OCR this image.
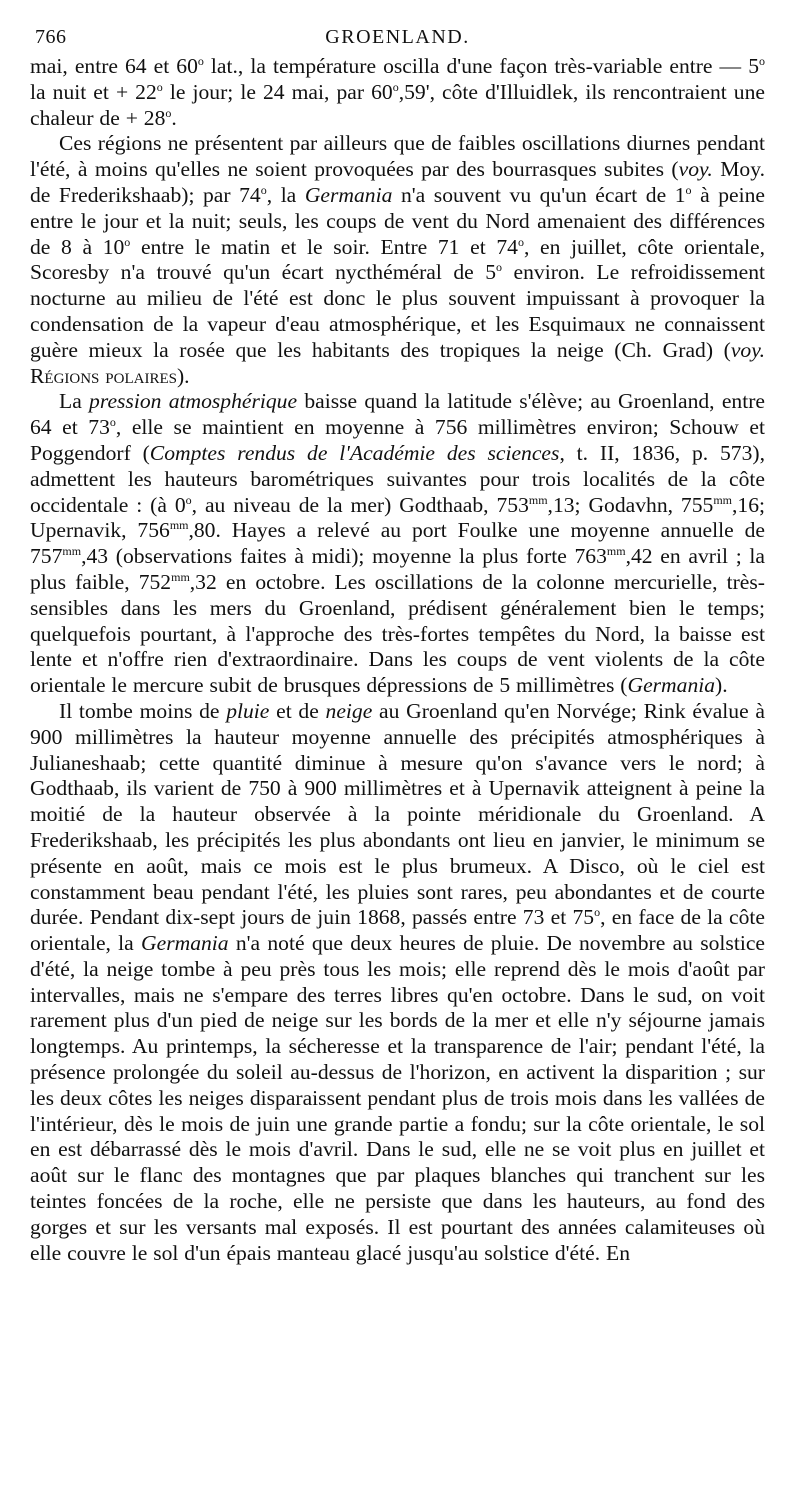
766	GROENLAND.

mai, entre 64 et 60$^o$ lat., la température oscilla d'une façon très-variable entre — 5$^o$ la nuit et + $22^o$ le jour; le 24 mai, par 60$^o$,59', côte d'Illuidlek, ils rencontraient une chaleur de + $28^o$.

Ces régions ne présentent par ailleurs que de faibles oscillations diurnes pendant l'été, à moins qu'elles ne soient provoquées par des bourrasques subites (voy. Moy. de Frederikshaab); par 74$^o$, la Germania n'a souvent vu qu'un écart de 1$^o$ à peine entre le jour et la nuit; seuls, les coups de vent du Nord amenaient des différences de 8 à 10$^o$ entre le matin et le soir. Entre 71 et 74$^o$, en juillet, côte orientale, Scoresby n'a trouvé qu'un écart nycthéméral de 5$^o$ environ. Le refroidissement nocturne au milieu de l'été est donc le plus souvent impuissant à provoquer la condensation de la vapeur d'eau atmosphérique, et les Esquimaux ne connaissent guère mieux la rosée que les habitants des tropiques la neige (Ch. Grad) (voy. Régions polaires).

La pression atmosphérique baisse quand la latitude s'élève; au Groenland, entre 64 et 73$^o$, elle se maintient en moyenne à 756 millimètres environ; Schouw et Poggendorf (Comptes rendus de l'Académie des sciences, t. II, 1836, p. 573), admettent les hauteurs barométriques suivantes pour trois localités de la côte occidentale : (à 0$^o$, au niveau de la mer) Godthaab, $753^{mm},13$; Godavhn, $755^{mm},16$; Upernavik, $756^{mm},80$. Hayes a relevé au port Foulke une moyenne annuelle de $757^{mm},43$ (observations faites à midi); moyenne la plus forte $763^{mm},42$ en avril ; la plus faible, $752^{mm},32$ en octobre. Les oscillations de la colonne mercurielle, très-sensibles dans les mers du Groenland, prédisent généralement bien le temps; quelquefois pourtant, à l'approche des très-fortes tempêtes du Nord, la baisse est lente et n'offre rien d'extraordinaire. Dans les coups de vent violents de la côte orientale le mercure subit de brusques dépressions de 5 millimètres (Germania).

Il tombe moins de pluie et de neige au Groenland qu'en Norvége; Rink évalue à 900 millimètres la hauteur moyenne annuelle des précipités atmosphériques à Julianeshaab; cette quantité diminue à mesure qu'on s'avance vers le nord; à Godthaab, ils varient de 750 à 900 millimètres et à Upernavik atteignent à peine la moitié de la hauteur observée à la pointe méridionale du Groenland. A Frederikshaab, les précipités les plus abondants ont lieu en janvier, le minimum se présente en août, mais ce mois est le plus brumeux. A Disco, où le ciel est constamment beau pendant l'été, les pluies sont rares, peu abondantes et de courte durée. Pendant dix-sept jours de juin 1868, passés entre 73 et 75$^o$, en face de la côte orientale, la Germania n'a noté que deux heures de pluie. De novembre au solstice d'été, la neige tombe à peu près tous les mois; elle reprend dès le mois d'août par intervalles, mais ne s'empare des terres libres qu'en octobre. Dans le sud, on voit rarement plus d'un pied de neige sur les bords de la mer et elle n'y séjourne jamais longtemps. Au printemps, la sécheresse et la transparence de l'air; pendant l'été, la présence prolongée du soleil au-dessus de l'horizon, en activent la disparition ; sur les deux côtes les neiges disparaissent pendant plus de trois mois dans les vallées de l'intérieur, dès le mois de juin une grande partie a fondu; sur la côte orientale, le sol en est débarrassé dès le mois d'avril. Dans le sud, elle ne se voit plus en juillet et août sur le flanc des montagnes que par plaques blanches qui tranchent sur les teintes foncées de la roche, elle ne persiste que dans les hauteurs, au fond des gorges et sur les versants mal exposés. Il est pourtant des années calamiteuses où elle couvre le sol d'un épais manteau glacé jusqu'au solstice d'été. En
